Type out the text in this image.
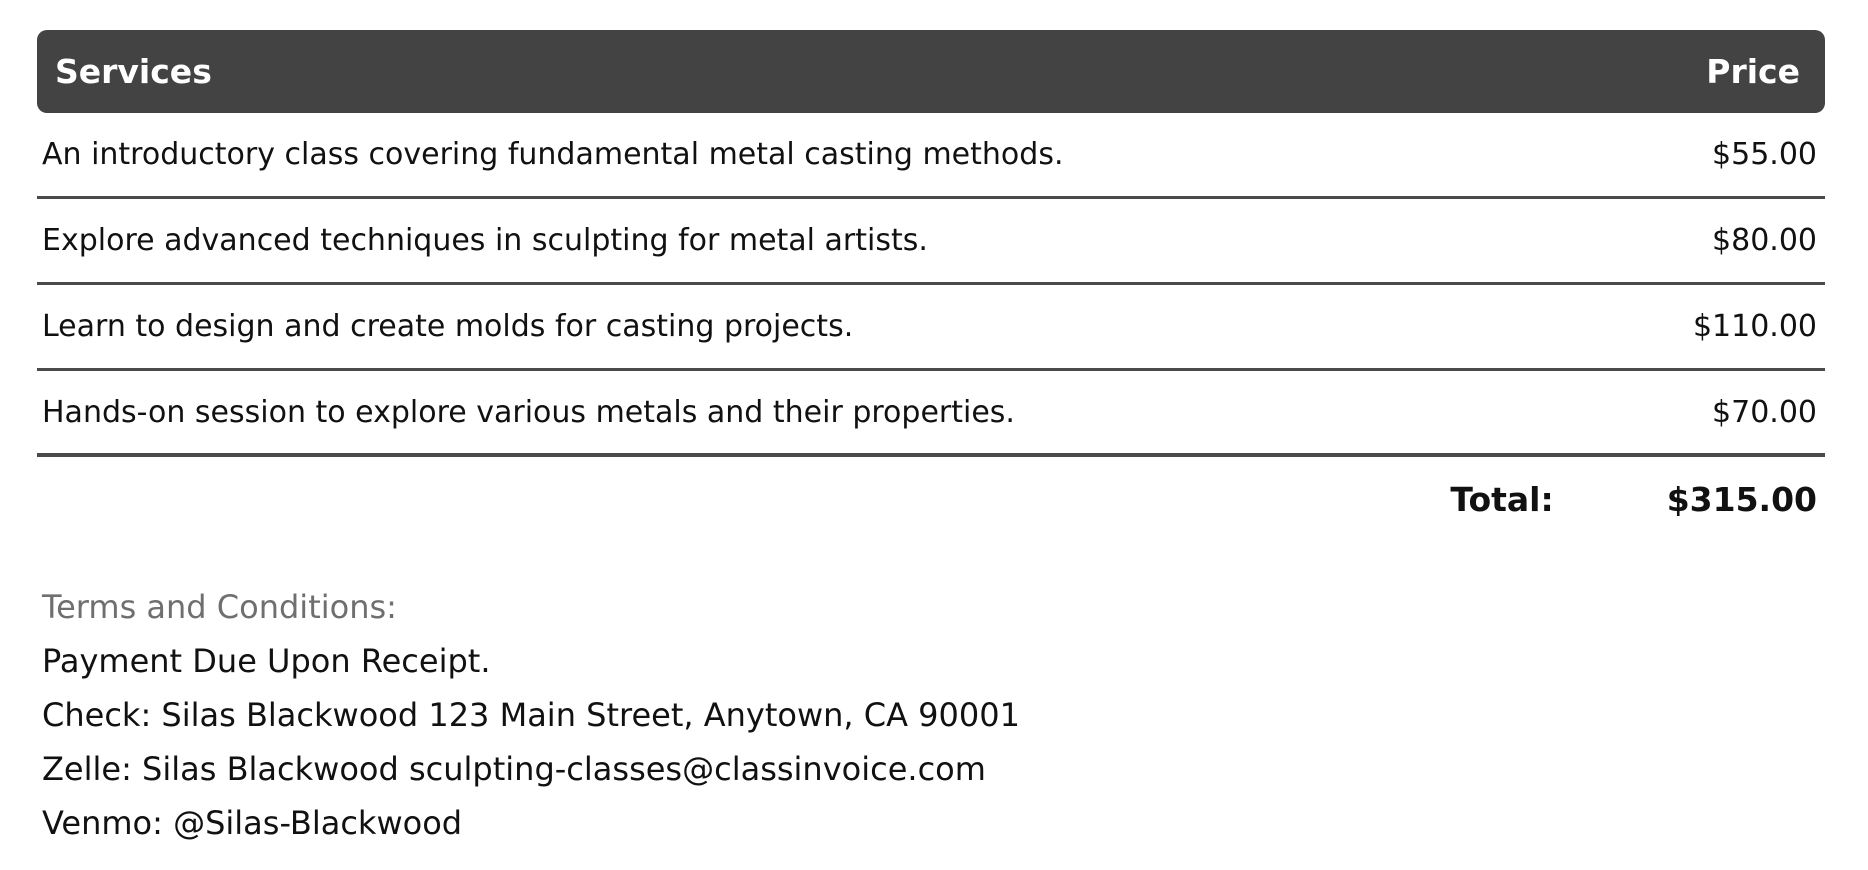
Services	Price
An introductory class covering fundamental metal casting methods.	$55.00
Explore advanced techniques in sculpting for metal artists.	$80.00
Learn to design and create molds for casting projects.	$110.00
Hands-on session to explore various metals and their properties.	$70.00
Total:	$315.00
Terms and Conditions:
Payment Due Upon Receipt.
Check: Silas Blackwood 123 Main Street, Anytown, CA 90001
Zelle: Silas Blackwood sculpting-classes@classinvoice.com
Venmo: @Silas-Blackwood
